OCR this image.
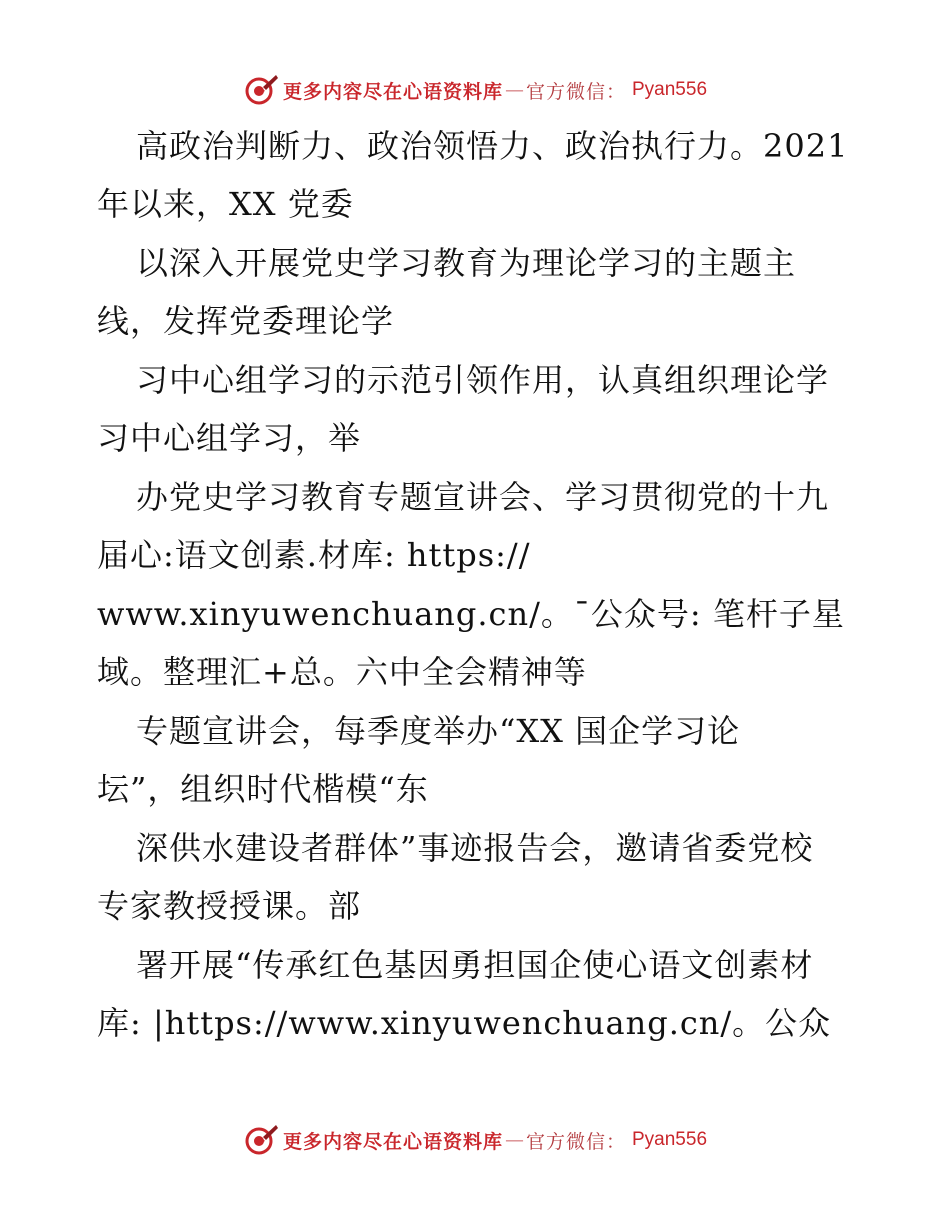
更多内容尽在心语资料库 — 官方微信： Pyan556
高政治判断力、政治领悟力、政治执行力。2021
年以来，XX 党委
以深入开展党史学习教育为理论学习的主题主
线，发挥党委理论学
习中心组学习的示范引领作用，认真组织理论学
习中心组学习，举
办党史学习教育专题宣讲会、学习贯彻党的十九
届心:语文创素.材库: https://
www.xinyuwenchuang.cn/。¯公众号: 笔杆子星
域。整理汇+总。六中全会精神等
专题宣讲会，每季度举办“XX 国企学习论
坛”，组织时代楷模“东
深供水建设者群体”事迹报告会，邀请省委党校
专家教授授课。部
署开展“传承红色基因勇担国企使心语文创素材
库: |https://www.xinyuwenchuang.cn/。公众
更多内容尽在心语资料库 — 官方微信： Pyan556
